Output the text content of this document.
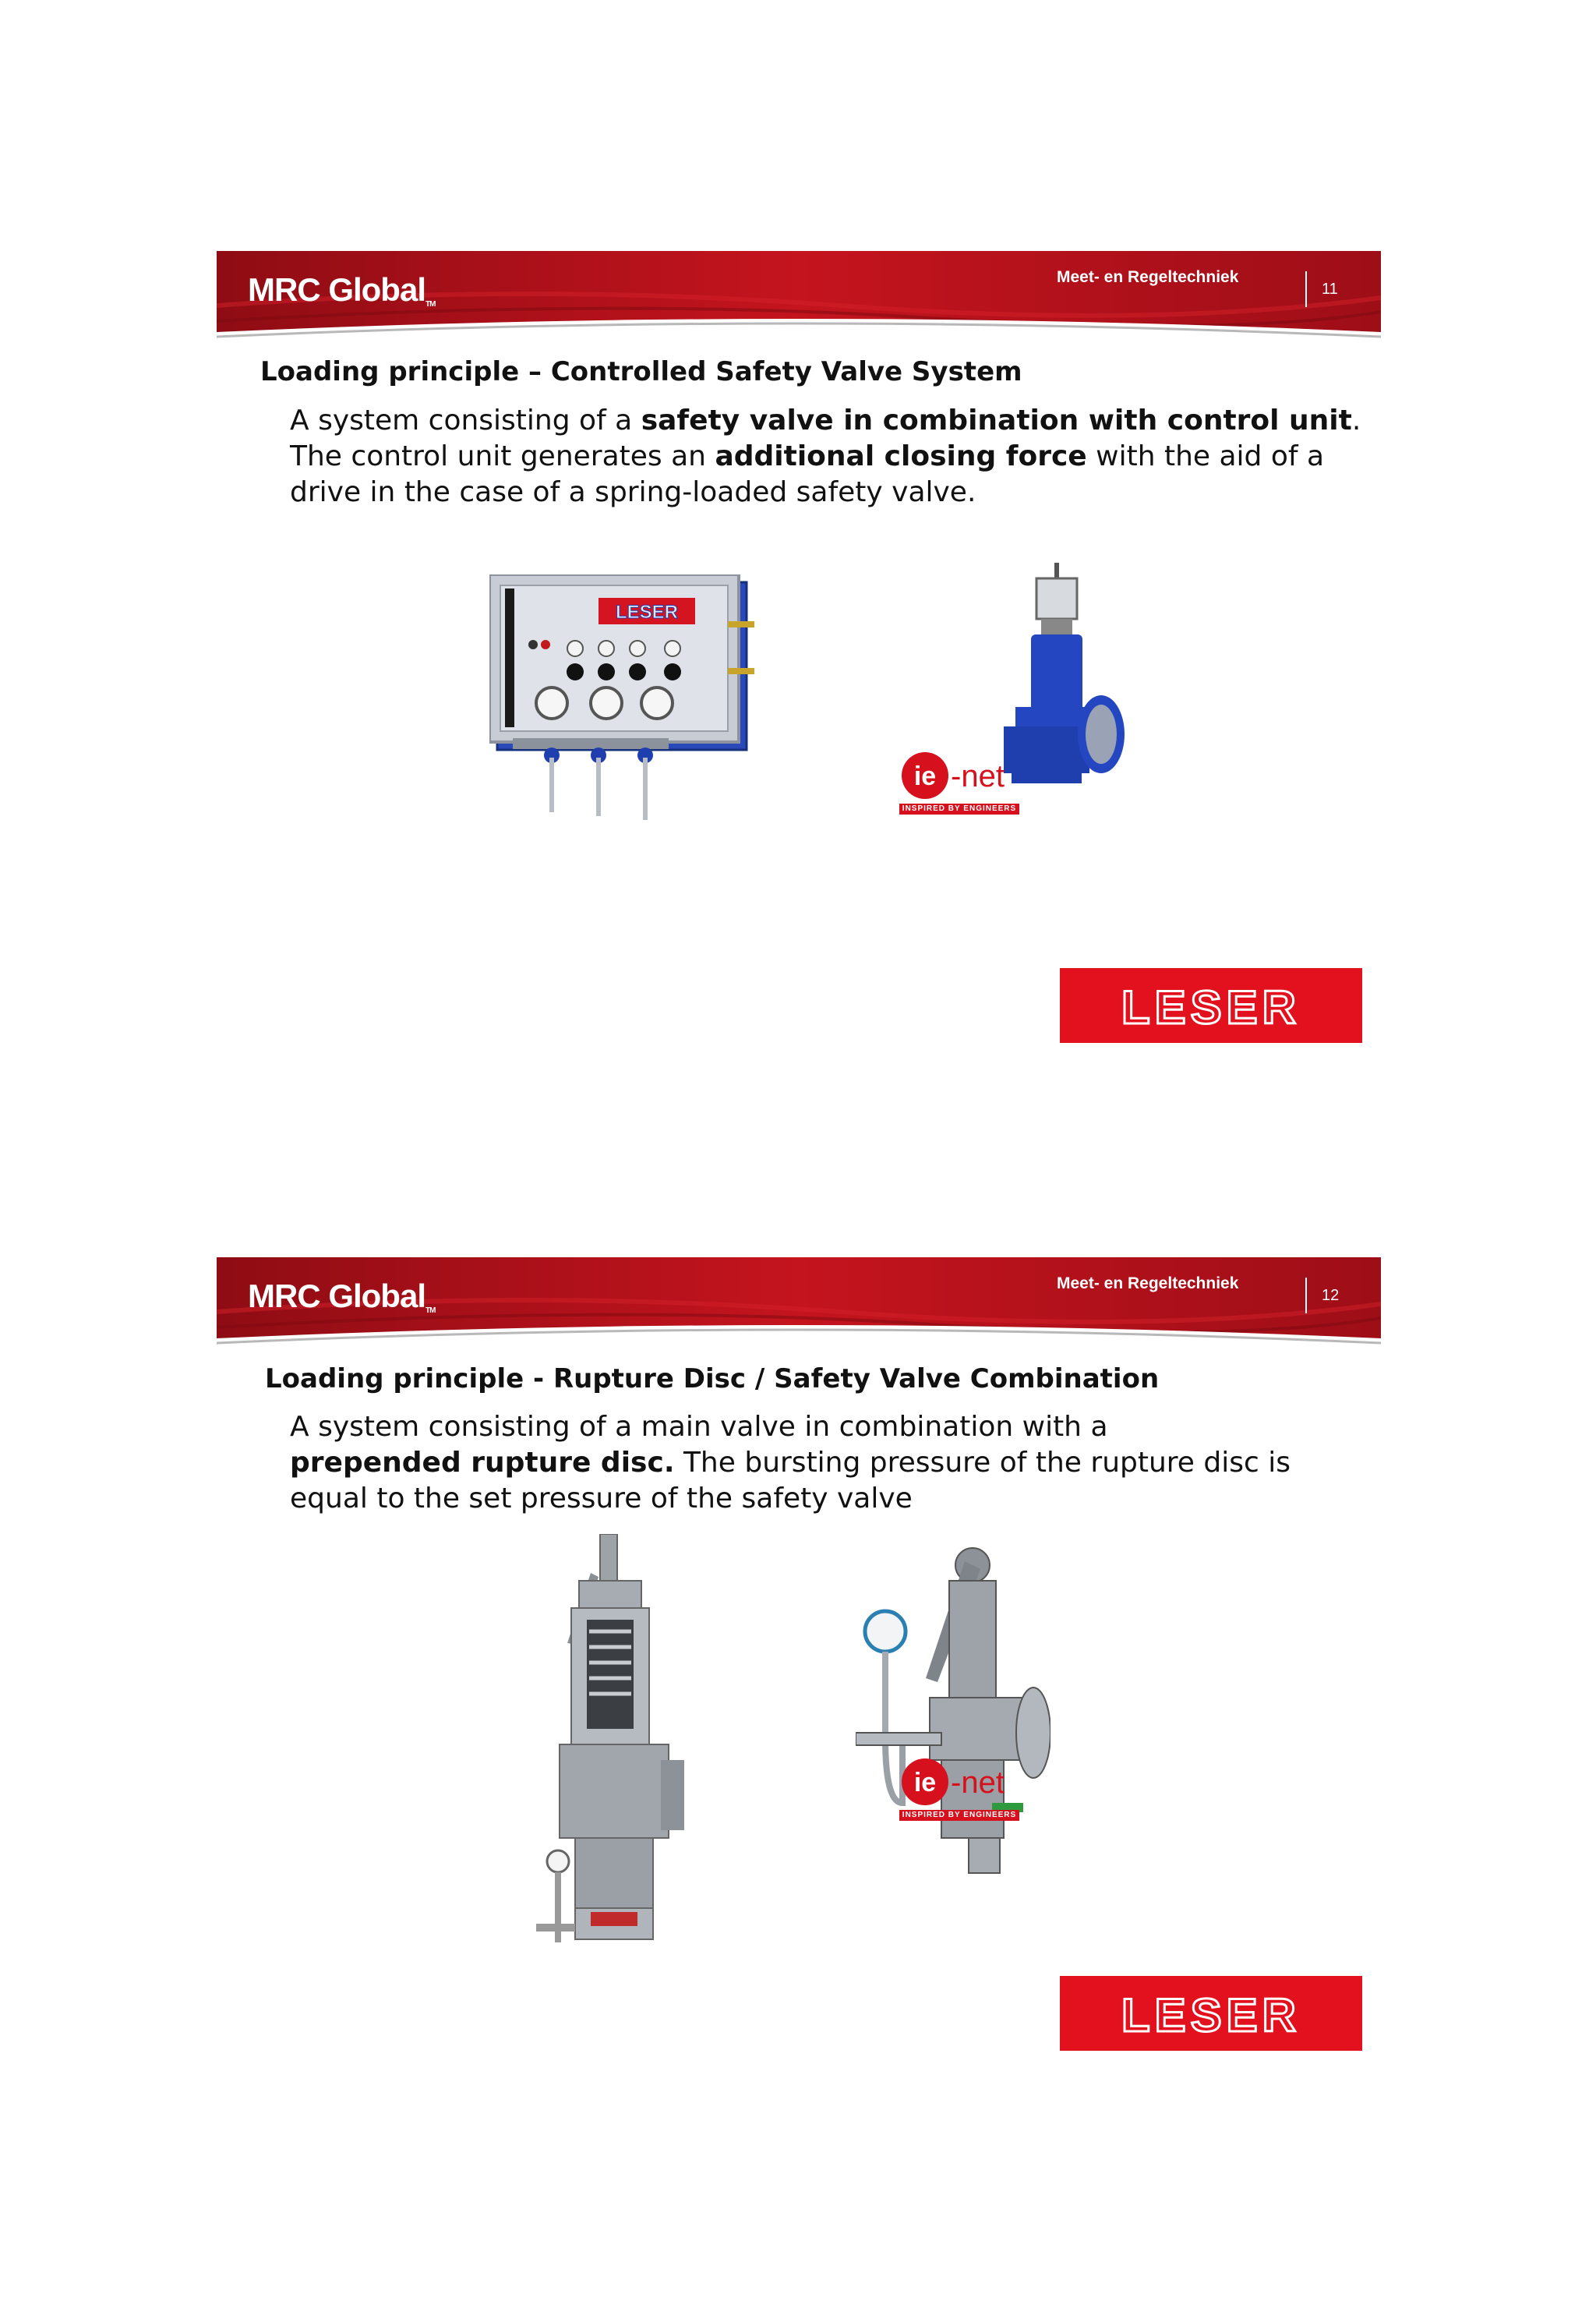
MRC GlobalTM
Meet- en Regeltechniek
11
Loading principle – Controlled Safety Valve System
A system consisting of a safety valve in combination with control unit.
The control unit generates an additional closing force with the aid of a
drive in the case of a spring-loaded safety valve.
LESER
ie -net
INSPIRED BY ENGINEERS
LESER
MRC GlobalTM
Meet- en Regeltechniek
12
Loading principle - Rupture Disc / Safety Valve Combination
A system consisting of a main valve in combination with a
prepended rupture disc. The bursting pressure of the rupture disc is
equal to the set pressure of the safety valve
ie -net
INSPIRED BY ENGINEERS
LESER
